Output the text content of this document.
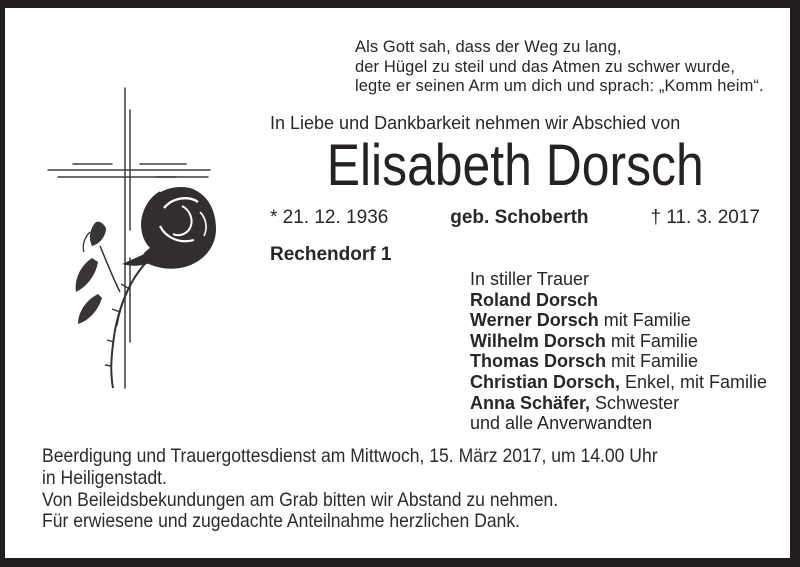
Als Gott sah, dass der Weg zu lang,
der Hügel zu steil und das Atmen zu schwer wurde,
legte er seinen Arm um dich und sprach: „Komm heim“.
In Liebe und Dankbarkeit nehmen wir Abschied von
Elisabeth Dorsch
* 21. 12. 1936	geb. Schoberth	† 11. 3. 2017
Rechendorf 1
In stiller Trauer
Roland Dorsch
Werner Dorsch mit Familie
Wilhelm Dorsch mit Familie
Thomas Dorsch mit Familie
Christian Dorsch, Enkel, mit Familie
Anna Schäfer, Schwester
und alle Anverwandten
Beerdigung und Trauergottesdienst am Mittwoch, 15. März 2017, um 14.00 Uhr
in Heiligenstadt.
Von Beileidsbekundungen am Grab bitten wir Abstand zu nehmen.
Für erwiesene und zugedachte Anteilnahme herzlichen Dank.
